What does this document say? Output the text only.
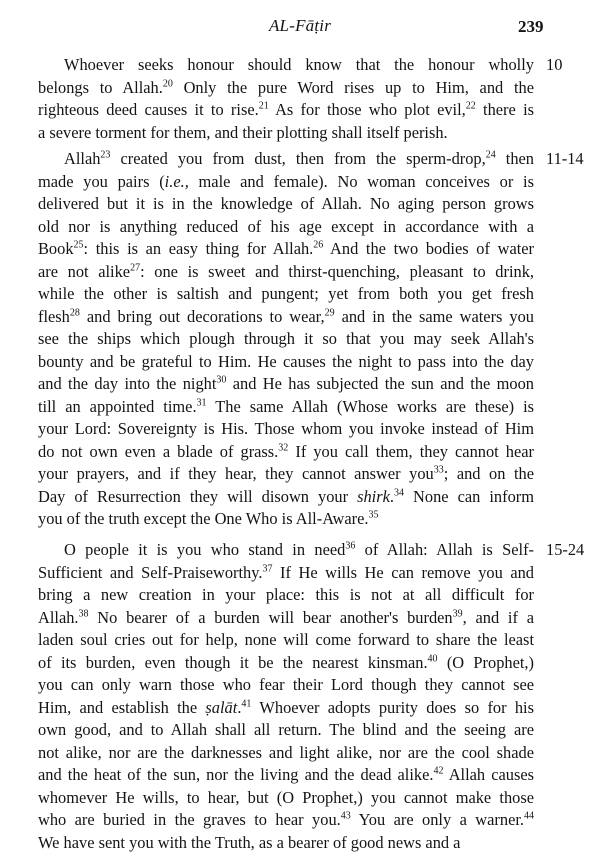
AL-Fāṭir	239
10
Whoever seeks honour should know that the honour wholly
belongs to Allah.$^{20}$ Only the pure Word rises up to Him, and the
righteous deed causes it to rise.$^{21}$ As for those who plot evil,$^{22}$ there is
a severe torment for them, and their plotting shall itself perish.
11-14
Allah$^{23}$ created you from dust, then from the sperm-drop,$^{24}$ then
made you pairs (i.e., male and female). No woman conceives or is
delivered but it is in the knowledge of Allah. No aging person grows
old nor is anything reduced of his age except in accordance with a
Book$^{25}$: this is an easy thing for Allah.$^{26}$ And the two bodies of water
are not alike$^{27}$: one is sweet and thirst-quenching, pleasant to drink,
while the other is saltish and pungent; yet from both you get fresh
flesh$^{28}$ and bring out decorations to wear,$^{29}$ and in the same waters you
see the ships which plough through it so that you may seek Allah's
bounty and be grateful to Him. He causes the night to pass into the day
and the day into the night$^{30}$ and He has subjected the sun and the moon
till an appointed time.$^{31}$ The same Allah (Whose works are these) is
your Lord: Sovereignty is His. Those whom you invoke instead of Him
do not own even a blade of grass.$^{32}$ If you call them, they cannot hear
your prayers, and if they hear, they cannot answer you$^{33}$; and on the
Day of Resurrection they will disown your shirk.$^{34}$ None can inform
you of the truth except the One Who is All-Aware.$^{35}$
15-24
O people it is you who stand in need$^{36}$ of Allah: Allah is Self-
Sufficient and Self-Praiseworthy.$^{37}$ If He wills He can remove you and
bring a new creation in your place: this is not at all difficult for
Allah.$^{38}$ No bearer of a burden will bear another's burden$^{39}$, and if a
laden soul cries out for help, none will come forward to share the least
of its burden, even though it be the nearest kinsman.$^{40}$ (O Prophet,)
you can only warn those who fear their Lord though they cannot see
Him, and establish the ṣalāt.$^{41}$ Whoever adopts purity does so for his
own good, and to Allah shall all return. The blind and the seeing are
not alike, nor are the darknesses and light alike, nor are the cool shade
and the heat of the sun, nor the living and the dead alike.$^{42}$ Allah causes
whomever He wills, to hear, but (O Prophet,) you cannot make those
who are buried in the graves to hear you.$^{43}$ You are only a warner.$^{44}$
We have sent you with the Truth, as a bearer of good news and a
